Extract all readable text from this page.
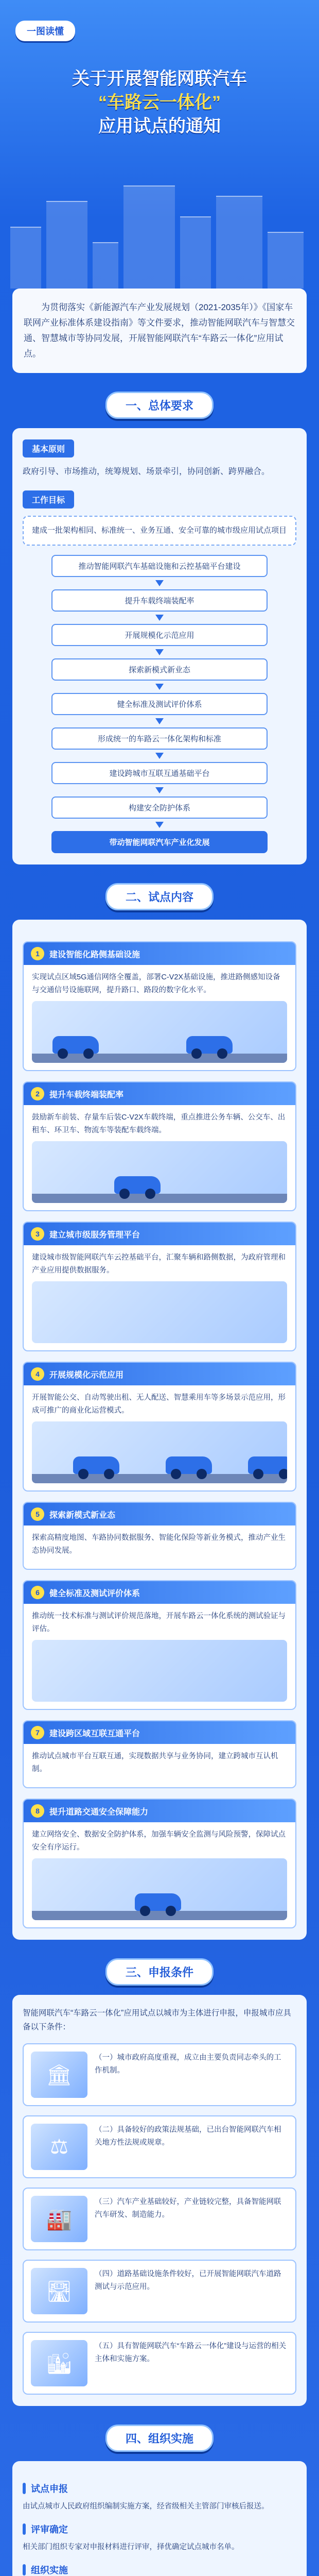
一图读懂
关于开展智能网联汽车
“车路云一体化”
应用试点的通知
为贯彻落实《新能源汽车产业发展规划（2021-2035年）》《国家车联网产业标准体系建设指南》等文件要求，推动智能网联汽车与智慧交通、智慧城市等协同发展，开展智能网联汽车“车路云一体化”应用试点。
一、总体要求
基本原则
政府引导、市场推动，统筹规划、场景牵引，协同创新、跨界融合。
工作目标
建成一批架构相同、标准统一、业务互通、安全可靠的城市级应用试点项目
推动智能网联汽车基础设施和云控基础平台建设
提升车载终端装配率
开展规模化示范应用
探索新模式新业态
健全标准及测试评价体系
形成统一的车路云一体化架构和标准
建设跨城市互联互通基础平台
构建安全防护体系
带动智能网联汽车产业化发展
二、试点内容
1	建设智能化路侧基础设施

实现试点区域5G通信网络全覆盖，部署C-V2X基础设施，推进路侧感知设备与交通信号设施联网，提升路口、路段的数字化水平。

2	提升车载终端装配率

鼓励新车前装、存量车后装C-V2X车载终端，重点推进公务车辆、公交车、出租车、环卫车、物流车等装配车载终端。

3	建立城市级服务管理平台

建设城市级智能网联汽车云控基础平台，汇聚车辆和路侧数据，为政府管理和产业应用提供数据服务。

4	开展规模化示范应用

开展智能公交、自动驾驶出租、无人配送、智慧乘用车等多场景示范应用，形成可推广的商业化运营模式。

5	探索新模式新业态

探索高精度地图、车路协同数据服务、智能化保险等新业务模式，推动产业生态协同发展。

6	健全标准及测试评价体系

推动统一技术标准与测试评价规范落地，开展车路云一体化系统的测试验证与评估。

7	建设跨区域互联互通平台

推动试点城市平台互联互通，实现数据共享与业务协同，建立跨城市互认机制。

8	提升道路交通安全保障能力

建立网络安全、数据安全防护体系，加强车辆安全监测与风险预警，保障试点安全有序运行。

三、申报条件
智能网联汽车“车路云一体化”应用试点以城市为主体进行申报，申报城市应具备以下条件：
🏛
（一）城市政府高度重视，成立由主要负责同志牵头的工作机制。
⚖
（二）具备较好的政策法规基础，已出台智能网联汽车相关地方性法规或规章。
🏭
（三）汽车产业基础较好，产业链较完整，具备智能网联汽车研发、制造能力。
🛣
（四）道路基础设施条件较好，已开展智能网联汽车道路测试与示范应用。
🏙
（五）具有智能网联汽车“车路云一体化”建设与运营的相关主体和实施方案。
四、组织实施
试点申报
由试点城市人民政府组织编制实施方案，经省级相关主管部门审核后报送。
评审确定
相关部门组织专家对申报材料进行评审，择优确定试点城市名单。
组织实施
